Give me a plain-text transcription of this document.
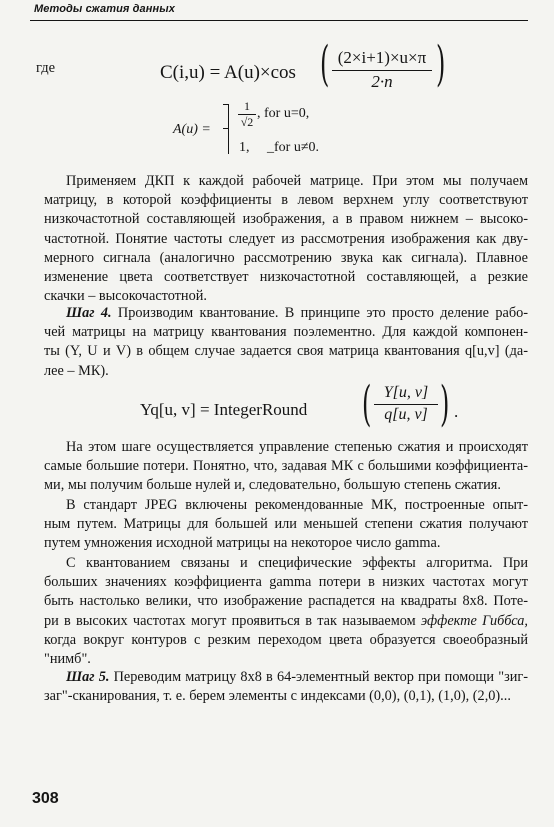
Методы сжатия данных
где	C(i,u) = A(u)×cos ( (2×i+1)×u×π
2·n	)
A(u) =
1
√2
, for u=0,
1, _for u≠0.
Применяем ДКП к каждой рабочей матрице. При этом мы получаем
матрицу, в которой коэффициенты в левом верхнем углу соответствуют
низкочастотной составляющей изображения, а в правом нижнем – высоко-
частотной. Понятие частоты следует из рассмотрения изображения как дву-
мерного сигнала (аналогично рассмотрению звука как сигнала). Плавное
изменение цвета соответствует низкочастотной составляющей, а резкие
скачки – высокочастотной.
Шаг 4. Производим квантование. В принципе это просто деление рабо-
чей матрицы на матрицу квантования поэлементно. Для каждой компонен-
ты (Y, U и V) в общем случае задается своя матрица квантования q[u,v] (да-
лее – МК).
Yq[u, v] = IntegerRound ( Y[u, v]
q[u, v] ) .
На этом шаге осуществляется управление степенью сжатия и происходят
самые большие потери. Понятно, что, задавая МК с большими коэффициента-
ми, мы получим больше нулей и, следовательно, большую степень сжатия.
В стандарт JPEG включены рекомендованные МК, построенные опыт-
ным путем. Матрицы для большей или меньшей степени сжатия получают
путем умножения исходной матрицы на некоторое число gamma.
С квантованием связаны и специфические эффекты алгоритма. При
больших значениях коэффициента gamma потери в низких частотах могут
быть настолько велики, что изображение распадется на квадраты 8x8. Поте-
ри в высоких частотах могут проявиться в так называемом эффекте Гиббса,
когда вокруг контуров с резким переходом цвета образуется своеобразный
"нимб".
Шаг 5. Переводим матрицу 8x8 в 64-элементный вектор при помощи "зиг-
заг"-сканирования, т. е. берем элементы с индексами (0,0), (0,1), (1,0), (2,0)...
308
